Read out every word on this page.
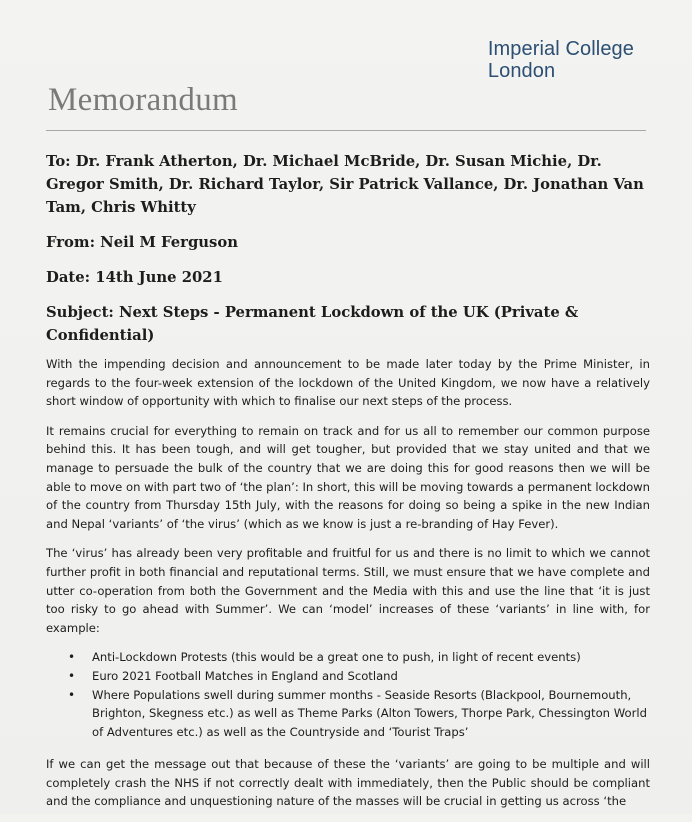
Imperial College
London
Memorandum

To: Dr. Frank Atherton, Dr. Michael McBride, Dr. Susan Michie, Dr. Gregor Smith, Dr. Richard Taylor, Sir Patrick Vallance, Dr. Jonathan Van Tam, Chris Whitty

From: Neil M Ferguson

Date: 14th June 2021

Subject: Next Steps - Permanent Lockdown of the UK (Private & Confidential)

With the impending decision and announcement to be made later today by the Prime Minister, in regards to the four-week extension of the lockdown of the United Kingdom, we now have a relatively short window of opportunity with which to finalise our next steps of the process.

It remains crucial for everything to remain on track and for us all to remember our common purpose behind this. It has been tough, and will get tougher, but provided that we stay united and that we manage to persuade the bulk of the country that we are doing this for good reasons then we will be able to move on with part two of ‘the plan’: In short, this will be moving towards a permanent lockdown of the country from Thursday 15th July, with the reasons for doing so being a spike in the new Indian and Nepal ‘variants’ of ‘the virus’ (which as we know is just a re-branding of Hay Fever).

The ‘virus’ has already been very profitable and fruitful for us and there is no limit to which we cannot further profit in both financial and reputational terms. Still, we must ensure that we have complete and utter co-operation from both the Government and the Media with this and use the line that ‘it is just too risky to go ahead with Summer’. We can ‘model’ increases of these ‘variants’ in line with, for example:

• Anti-Lockdown Protests (this would be a great one to push, in light of recent events)
• Euro 2021 Football Matches in England and Scotland
• Where Populations swell during summer months - Seaside Resorts (Blackpool, Bournemouth, Brighton, Skegness etc.) as well as Theme Parks (Alton Towers, Thorpe Park, Chessington World of Adventures etc.) as well as the Countryside and ‘Tourist Traps’

If we can get the message out that because of these the ‘variants’ are going to be multiple and will completely crash the NHS if not correctly dealt with immediately, then the Public should be compliant and the compliance and unquestioning nature of the masses will be crucial in getting us across ‘the
